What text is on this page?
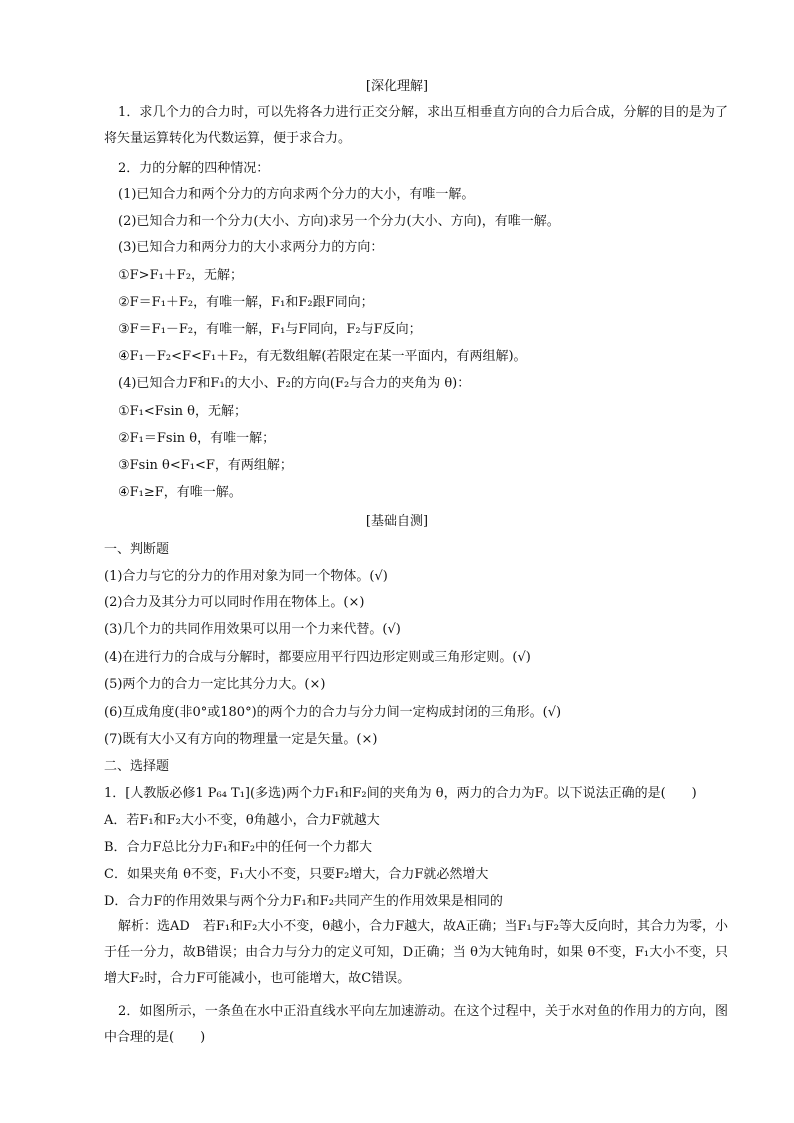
[深化理解]
1．求几个力的合力时，可以先将各力进行正交分解，求出互相垂直方向的合力后合成，分解的目的是为了将矢量运算转化为代数运算，便于求合力。
2．力的分解的四种情况：
(1)已知合力和两个分力的方向求两个分力的大小，有唯一解。
(2)已知合力和一个分力(大小、方向)求另一个分力(大小、方向)，有唯一解。
(3)已知合力和两分力的大小求两分力的方向：
①F>F₁＋F₂，无解；
②F＝F₁＋F₂，有唯一解，F₁和F₂跟F同向；
③F＝F₁－F₂，有唯一解，F₁与F同向，F₂与F反向；
④F₁－F₂<F<F₁＋F₂，有无数组解(若限定在某一平面内，有两组解)。
(4)已知合力F和F₁的大小、F₂的方向(F₂与合力的夹角为 θ)：
①F₁<Fsin θ，无解；
②F₁＝Fsin θ，有唯一解；
③Fsin θ<F₁<F，有两组解；
④F₁≥F，有唯一解。
[基础自测]
一、判断题
(1)合力与它的分力的作用对象为同一个物体。(√)
(2)合力及其分力可以同时作用在物体上。(×)
(3)几个力的共同作用效果可以用一个力来代替。(√)
(4)在进行力的合成与分解时，都要应用平行四边形定则或三角形定则。(√)
(5)两个力的合力一定比其分力大。(×)
(6)互成角度(非0°或180°)的两个力的合力与分力间一定构成封闭的三角形。(√)
(7)既有大小又有方向的物理量一定是矢量。(×)
二、选择题
1．[人教版必修1 P₆₄ T₁](多选)两个力F₁和F₂间的夹角为 θ，两力的合力为F。以下说法正确的是(　　)
A．若F₁和F₂大小不变，θ角越小，合力F就越大
B．合力F总比分力F₁和F₂中的任何一个力都大
C．如果夹角 θ不变，F₁大小不变，只要F₂增大，合力F就必然增大
D．合力F的作用效果与两个分力F₁和F₂共同产生的作用效果是相同的
解析：选AD　若F₁和F₂大小不变，θ越小，合力F越大，故A正确；当F₁与F₂等大反向时，其合力为零，小于任一分力，故B错误；由合力与分力的定义可知，D正确；当 θ为大钝角时，如果 θ不变，F₁大小不变，只增大F₂时，合力F可能减小，也可能增大，故C错误。
2．如图所示，一条鱼在水中正沿直线水平向左加速游动。在这个过程中，关于水对鱼的作用力的方向，图中合理的是(　　)
